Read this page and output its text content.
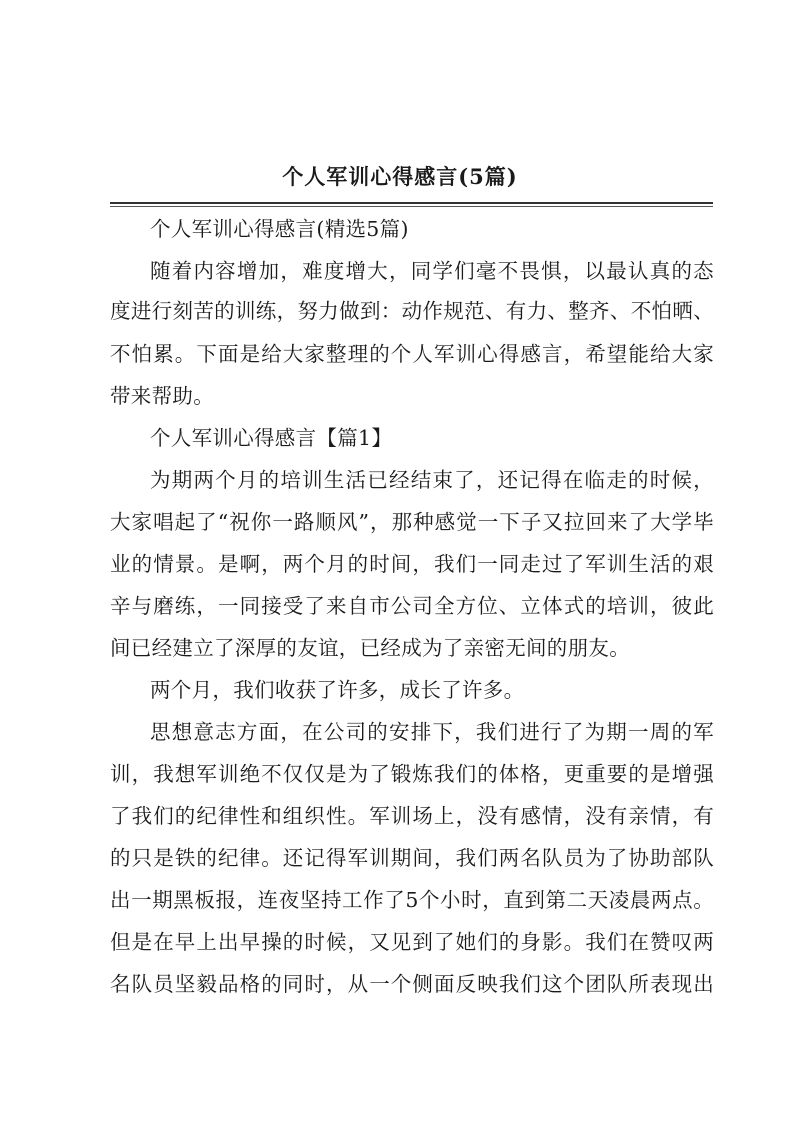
个人军训心得感言(5篇)
个人军训心得感言(精选5篇)
随着内容增加，难度增大，同学们毫不畏惧，以最认真的态
度进行刻苦的训练，努力做到：动作规范、有力、整齐、不怕晒、
不怕累。下面是给大家整理的个人军训心得感言，希望能给大家
带来帮助。
个人军训心得感言【篇1】
为期两个月的培训生活已经结束了，还记得在临走的时候，
大家唱起了“祝你一路顺风”，那种感觉一下子又拉回来了大学毕
业的情景。是啊，两个月的时间，我们一同走过了军训生活的艰
辛与磨练，一同接受了来自市公司全方位、立体式的培训，彼此
间已经建立了深厚的友谊，已经成为了亲密无间的朋友。
两个月，我们收获了许多，成长了许多。
思想意志方面，在公司的安排下，我们进行了为期一周的军
训，我想军训绝不仅仅是为了锻炼我们的体格，更重要的是增强
了我们的纪律性和组织性。军训场上，没有感情，没有亲情，有
的只是铁的纪律。还记得军训期间，我们两名队员为了协助部队
出一期黑板报，连夜坚持工作了5个小时，直到第二天凌晨两点。
但是在早上出早操的时候，又见到了她们的身影。我们在赞叹两
名队员坚毅品格的同时，从一个侧面反映我们这个团队所表现出
